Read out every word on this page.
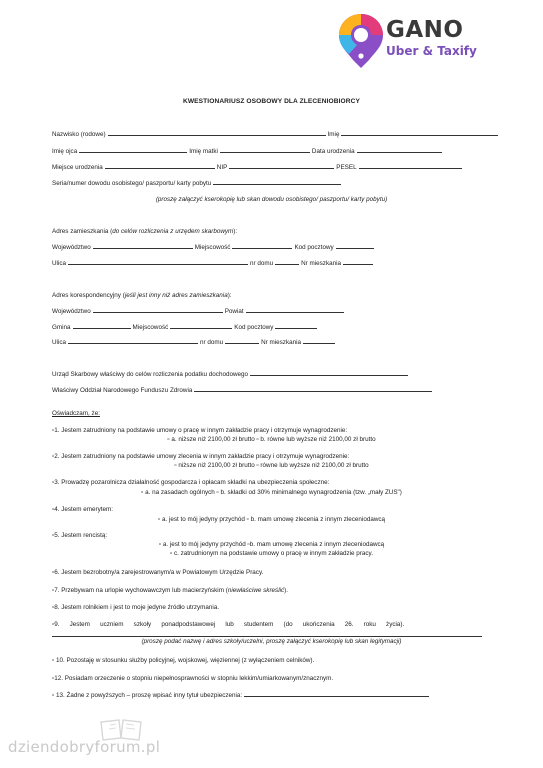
GANO
Uber & Taxify
KWESTIONARIUSZ OSOBOWY DLA ZLECENIOBIORCY
Nazwisko (rodowe)	Imię
Imię ojca	Imię matki	Data urodzenia
Miejsce urodzenia	NIP	PESEL
Seria/numer dowodu osobistego/ paszportu/ karty pobytu
(proszę załączyć kserokopię lub skan dowodu osobistego/ paszportu/ karty pobytu)
Adres zamieszkania (do celów rozliczenia z urzędem skarbowym):
Województwo	Miejscowość	Kod pocztowy
Ulica	nr domu	Nr mieszkania
Adres korespondencyjny (jeśli jest inny niż adres zamieszkania):
Województwo	Powiat
Gmina	Miejscowość	Kod pocztowy
Ulica	nr domu	Nr mieszkania
Urząd Skarbowy właściwy do celów rozliczenia podatku dochodowego
Właściwy Oddział Narodowego Funduszu Zdrowia
Oświadczam, że:
▫1. Jestem zatrudniony na podstawie umowy o pracę w innym zakładzie pracy i otrzymuje wynagrodzenie:
▫ a. niższe niż 2100,00 zł brutto ▫ b. równe lub wyższe niż 2100,00 zł brutto
▫2. Jestem zatrudniony na podstawie umowy zlecenia w innym zakładzie pracy i otrzymuje wynagrodzenie:
▫ niższe niż 2100,00 zł brutto ▫ równe lub wyższe niż 2100,00 zł brutto
▫3. Prowadzę pozarolnicza działalność gospodarcza i opłacam składki na ubezpieczenia społeczne:
▫ a. na zasadach ogólnych ▫ b. składki od 30% minimalnego wynagrodzenia (tzw. „mały ZUS")
▫4. Jestem emerytem:
▫ a. jest to mój jedyny przychód ▫ b. mam umowę zlecenia z innym zleceniodawcą
▫5. Jestem rencistą:
▫ a. jest to mój jedyny przychód ▫b. mam umowę zlecenia z innym zleceniodawcą
▫ c. zatrudnionym na podstawie umowy o pracę w innym zakładzie pracy.
▫6. Jestem bezrobotny/a zarejestrowanym/a w Powiatowym Urzędzie Pracy.
▫7. Przebywam na urlopie wychowawczym lub macierzyńskim (niewłaściwe skreślić).
▫8. Jestem rolnikiem i jest to moje jedyne źródło utrzymania.
▫9. Jestem uczniem szkoły ponadpodstawowej lub studentem (do ukończenia 26. roku życia).
(proszę podać nazwę i adres szkoły/uczelni, proszę załączyć kserokopię lub skan legitymacji)
▫ 10. Pozostaję w stosunku służby policyjnej, wojskowej, więziennej (z wyłączeniem celników).
▫12. Posiadam orzeczenie o stopniu niepełnosprawności w stopniu lekkim/umiarkowanym/znacznym.
▫ 13. Żadne z powyższych – proszę wpisać inny tytuł ubezpieczenia:
dziendobryforum.pl
